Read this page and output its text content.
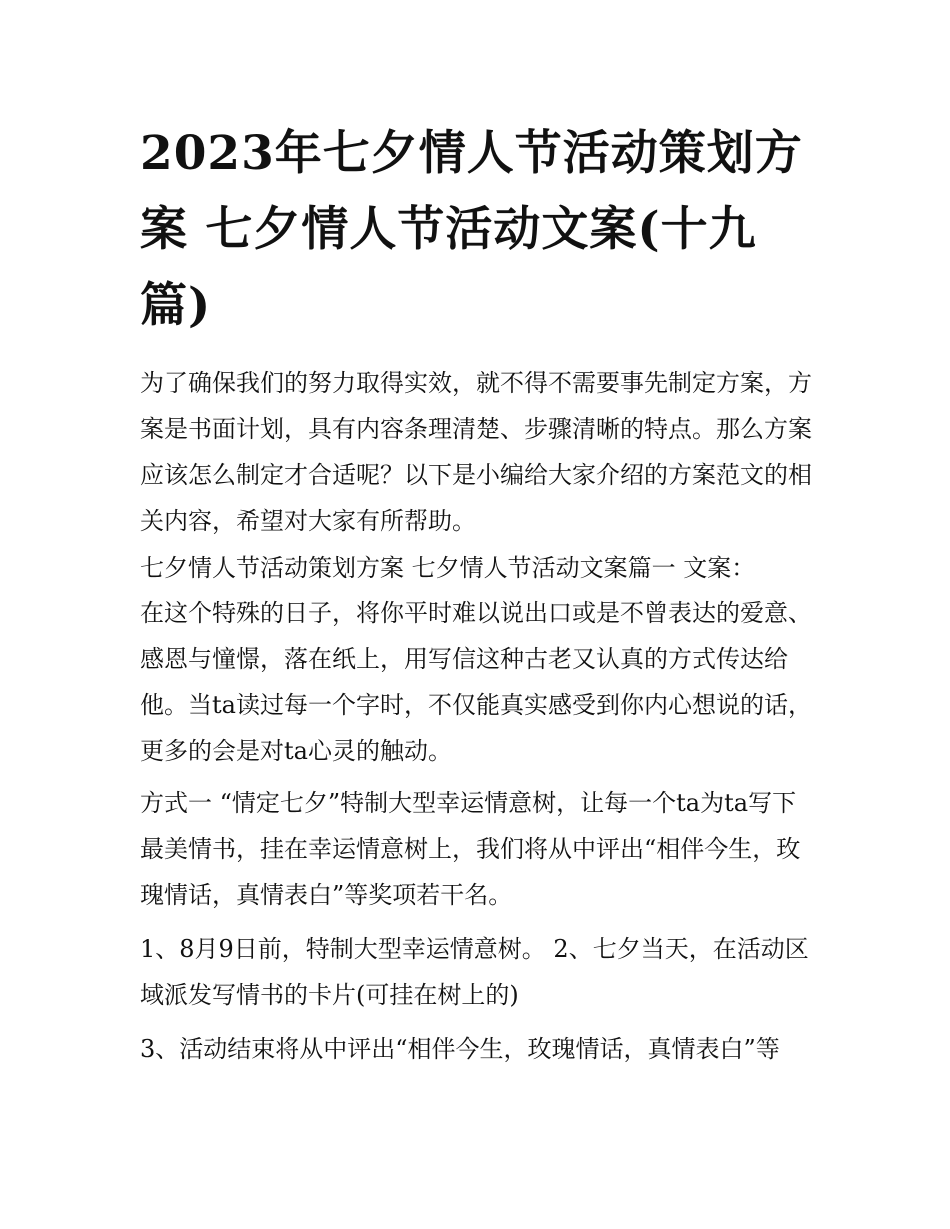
2023年七夕情人节活动策划方案 七夕情人节活动文案(十九篇)

为了确保我们的努力取得实效，就不得不需要事先制定方案，方案是书面计划，具有内容条理清楚、步骤清晰的特点。那么方案应该怎么制定才合适呢？以下是小编给大家介绍的方案范文的相关内容，希望对大家有所帮助。

七夕情人节活动策划方案 七夕情人节活动文案篇一 文案：

在这个特殊的日子，将你平时难以说出口或是不曾表达的爱意、感恩与憧憬，落在纸上，用写信这种古老又认真的方式传达给他。当ta读过每一个字时，不仅能真实感受到你内心想说的话，更多的会是对ta心灵的触动。

方式一 “情定七夕”特制大型幸运情意树，让每一个ta为ta写下最美情书，挂在幸运情意树上，我们将从中评出“相伴今生，玫瑰情话，真情表白”等奖项若干名。

1、8月9日前，特制大型幸运情意树。 2、七夕当天，在活动区域派发写情书的卡片(可挂在树上的)

3、活动结束将从中评出“相伴今生，玫瑰情话，真情表白”等
